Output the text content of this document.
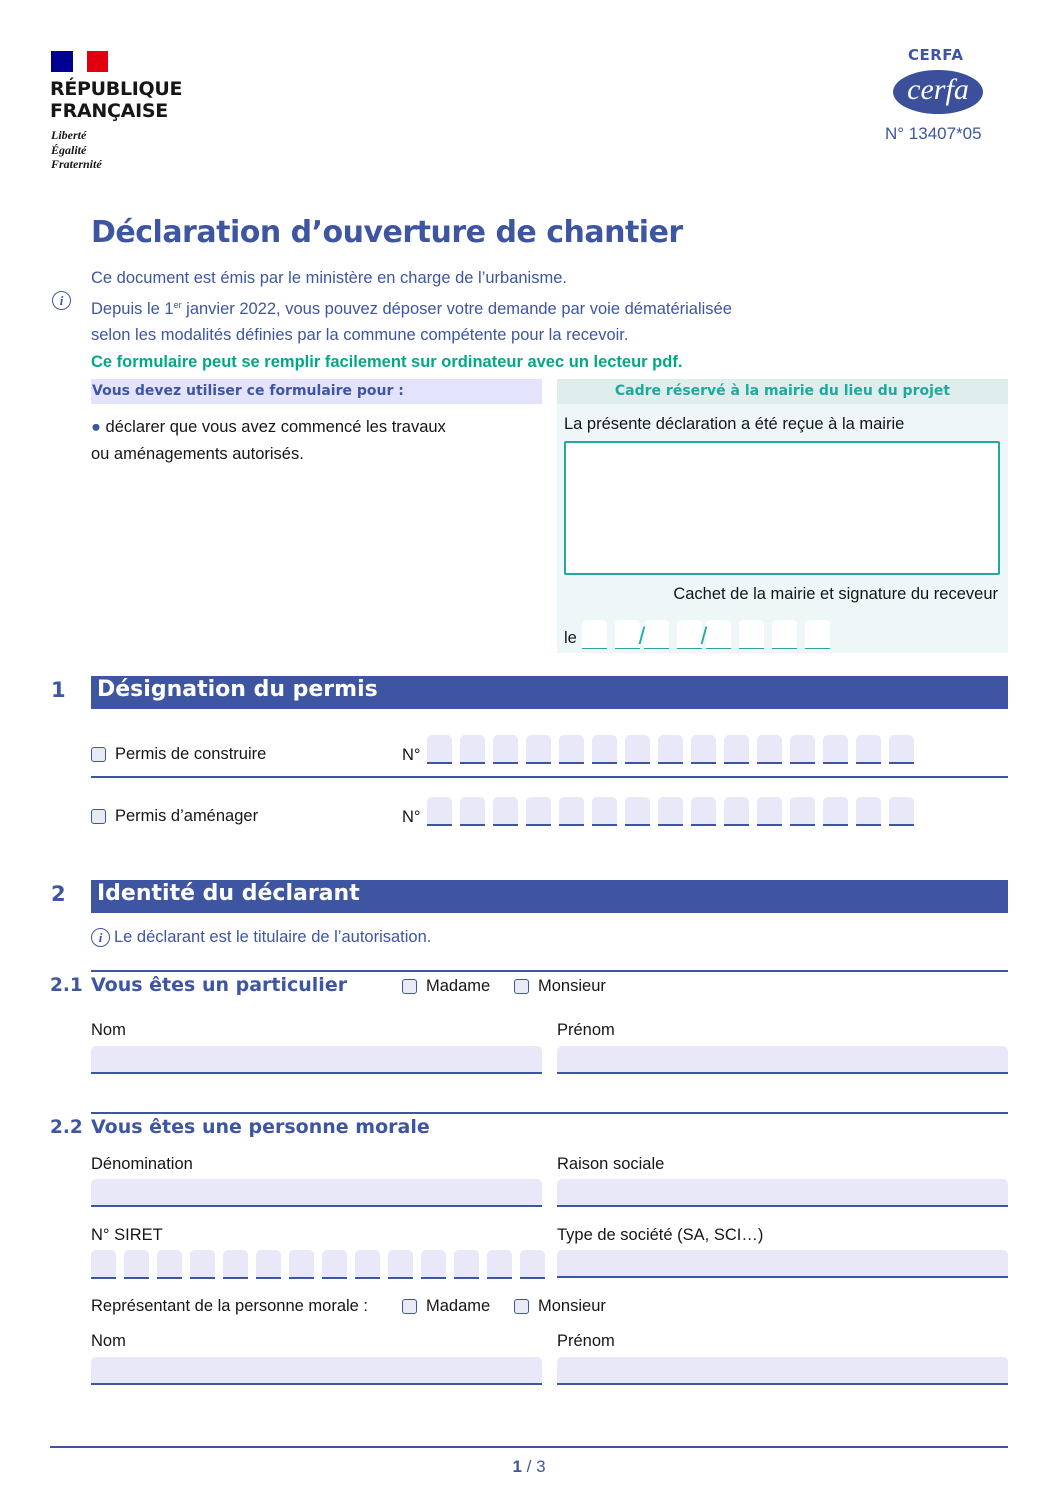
RÉPUBLIQUE
FRANÇAISE
Liberté
Égalité
Fraternité
CERFA
cerfa
N° 13407*05
Déclaration d’ouverture de chantier
i
Ce document est émis par le ministère en charge de l’urbanisme.
Depuis le 1er janvier 2022, vous pouvez déposer votre demande par voie dématérialisée
selon les modalités définies par la commune compétente pour la recevoir.
Ce formulaire peut se remplir facilement sur ordinateur avec un lecteur pdf.
Vous devez utiliser ce formulaire pour :
● déclarer que vous avez commencé les travaux
ou aménagements autorisés.
Cadre réservé à la mairie du lieu du projet
La présente déclaration a été reçue à la mairie
Cachet de la mairie et signature du receveur
le	/ /
1 Désignation du permis
Permis de construire	N°
Permis d’aménager	N°
2 Identité du déclarant
i Le déclarant est le titulaire de l’autorisation.
2.1 Vous êtes un particulier	Madame	Monsieur
Nom	Prénom
2.2 Vous êtes une personne morale
Dénomination	Raison sociale
N° SIRET	Type de société (SA, SCI…)
Représentant de la personne morale :	Madame	Monsieur
Nom	Prénom
1 / 3
